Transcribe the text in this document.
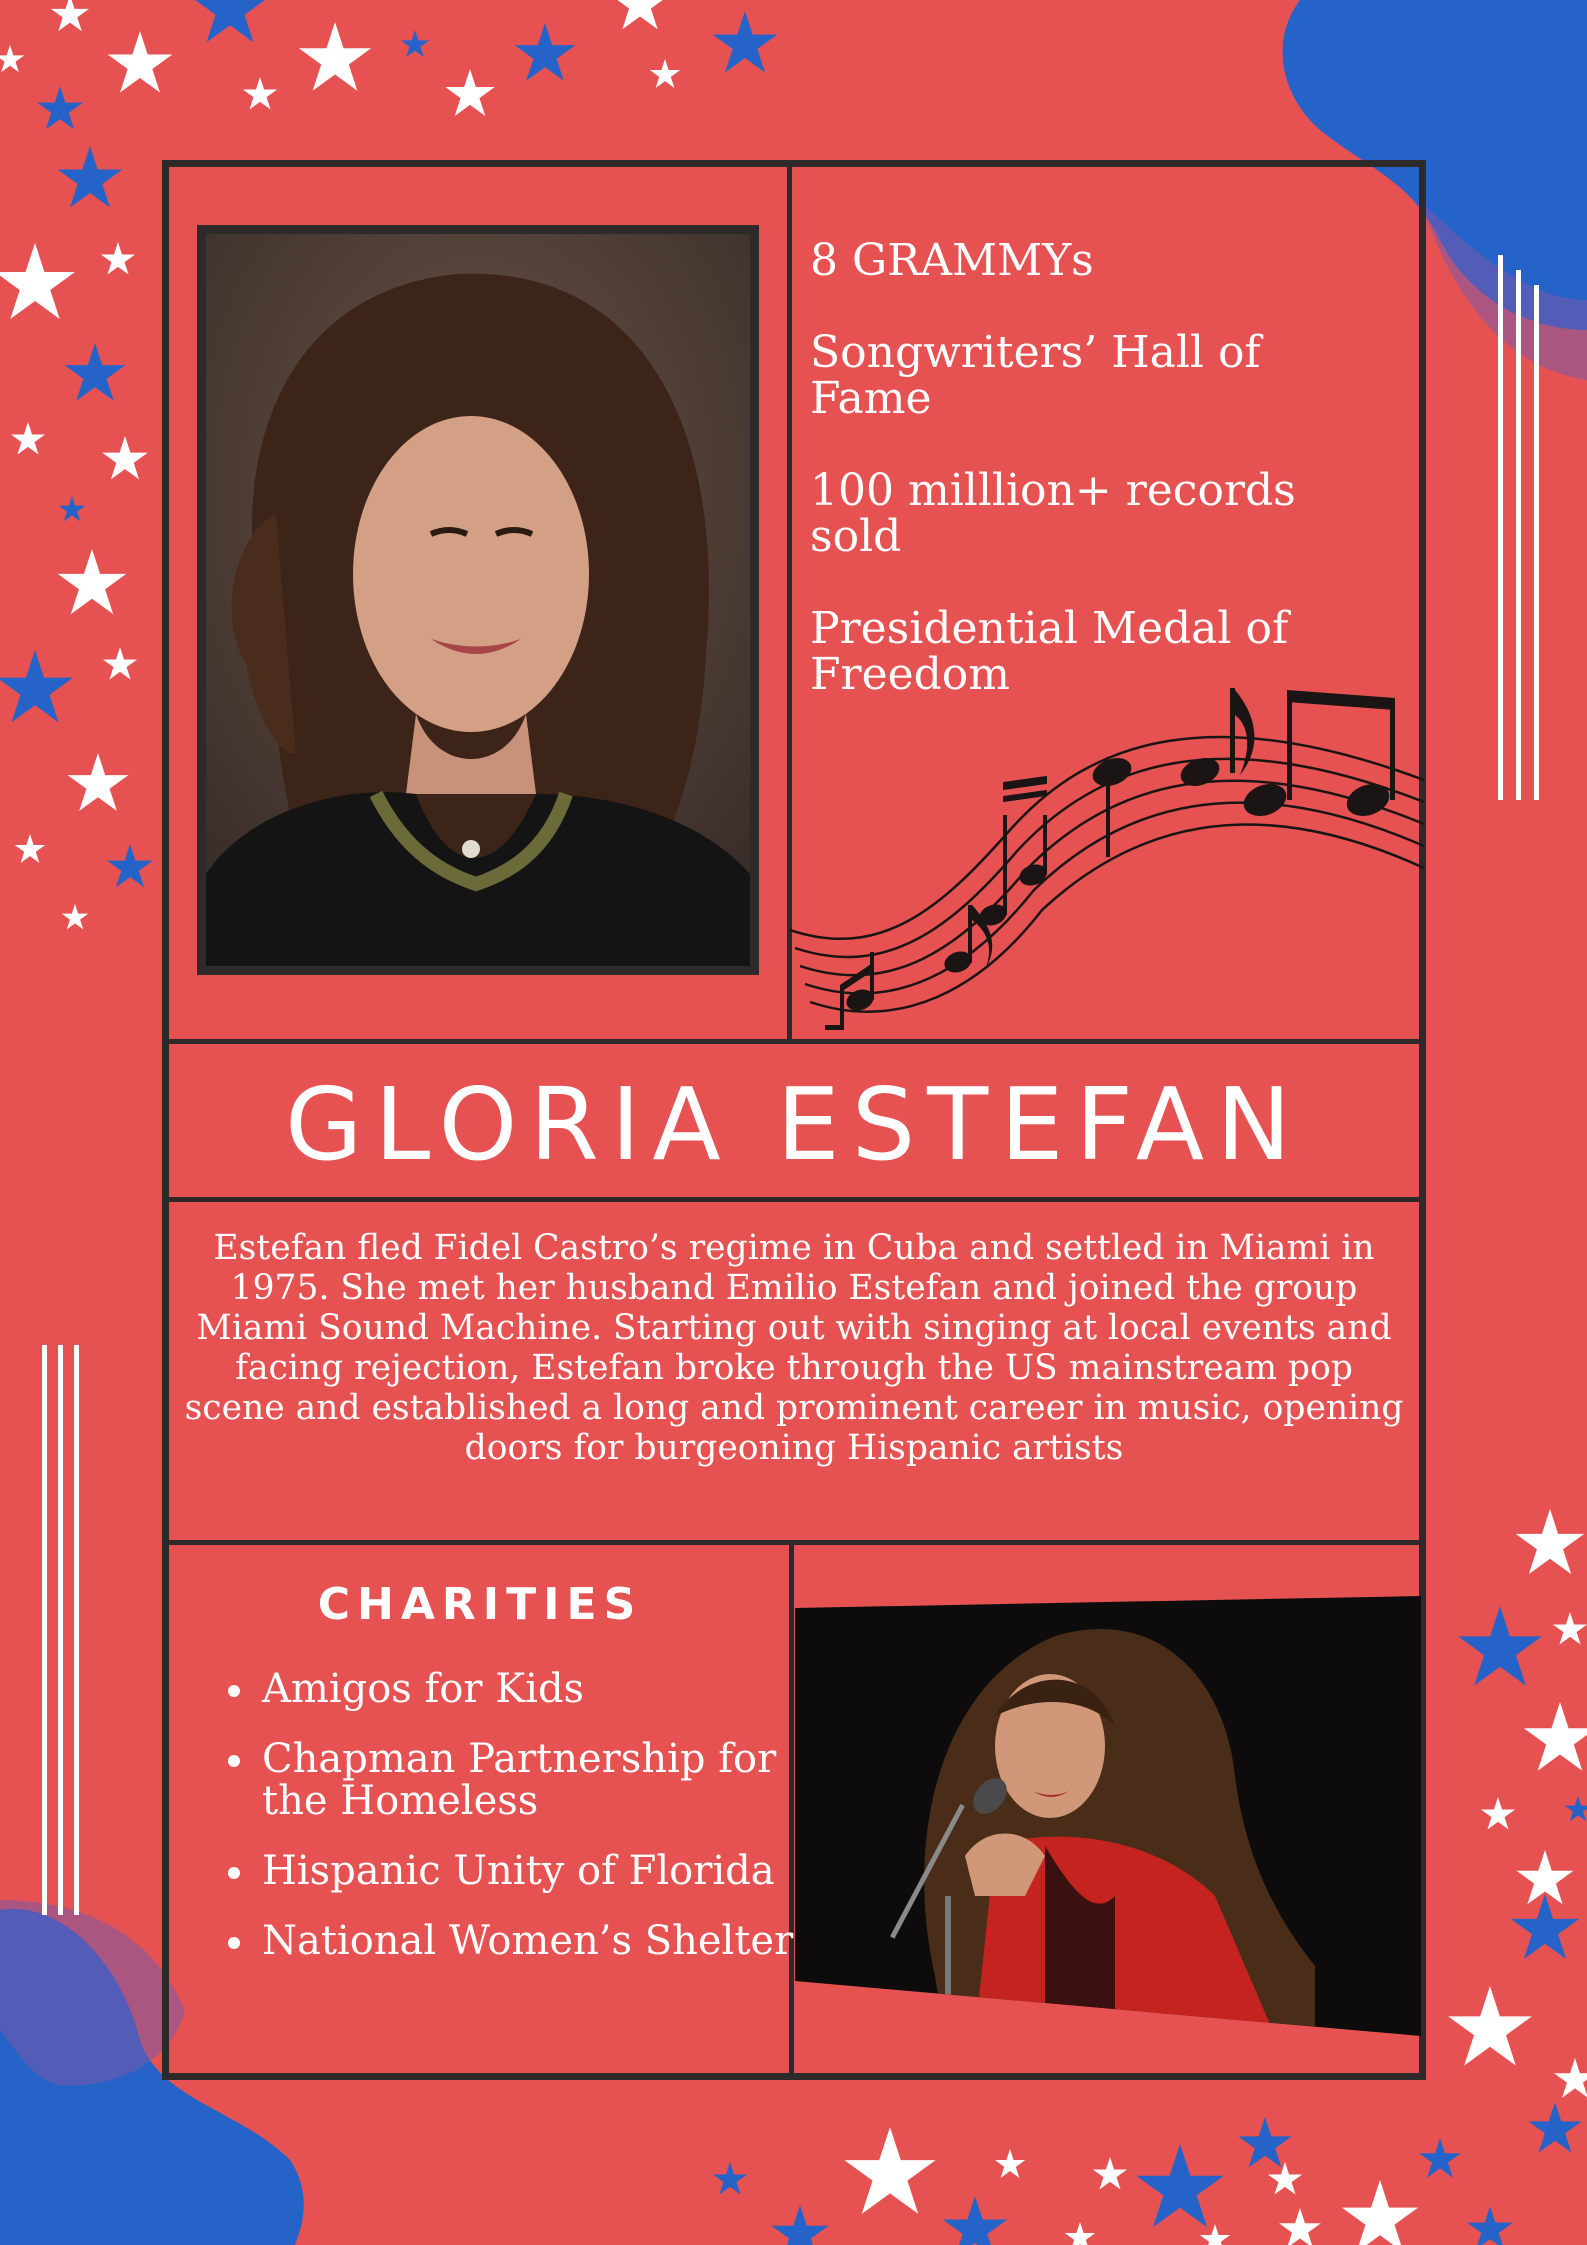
8 GRAMMYs
Songwriters’ Hall of Fame
100 milllion+ records sold
Presidential Medal of Freedom
GLORIA ESTEFAN

Estefan fled Fidel Castro’s regime in Cuba and settled in Miami in 1975. She met her husband Emilio Estefan and joined the group Miami Sound Machine. Starting out with singing at local events and facing rejection, Estefan broke through the US mainstream pop scene and established a long and prominent career in music, opening doors for burgeoning Hispanic artists

CHARITIES
Amigos for Kids
Chapman Partnership for the Homeless
Hispanic Unity of Florida
National Women’s Shelter
